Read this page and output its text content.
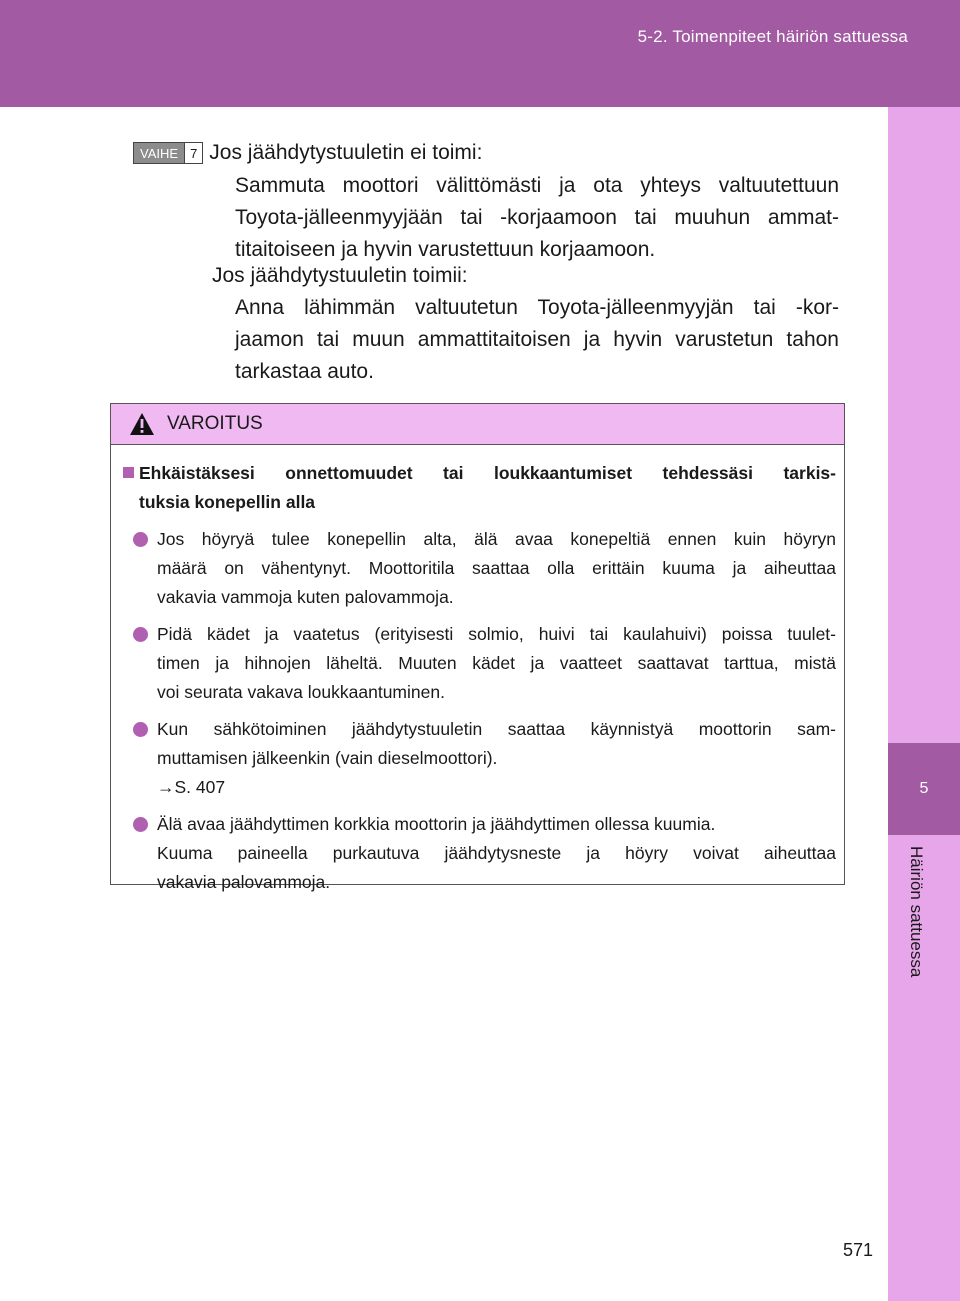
5-2. Toimenpiteet häiriön sattuessa
5
Häiriön sattuessa
VAIHE 7 Jos jäähdytystuuletin ei toimi:
Sammuta moottori välittömästi ja ota yhteys valtuutettuun
Toyota-jälleenmyyjään tai -korjaamoon tai muuhun ammat-
titaitoiseen ja hyvin varustettuun korjaamoon.
Jos jäähdytystuuletin toimii:
Anna lähimmän valtuutetun Toyota-jälleenmyyjän tai -kor-
jaamon tai muun ammattitaitoisen ja hyvin varustetun tahon
tarkastaa auto.
VAROITUS
Ehkäistäksesi onnettomuudet tai loukkaantumiset tehdessäsi tarkis-
tuksia konepellin alla
Jos höyryä tulee konepellin alta, älä avaa konepeltiä ennen kuin höyryn
määrä on vähentynyt. Moottoritila saattaa olla erittäin kuuma ja aiheuttaa
vakavia vammoja kuten palovammoja.
Pidä kädet ja vaatetus (erityisesti solmio, huivi tai kaulahuivi) poissa tuulet-
timen ja hihnojen läheltä. Muuten kädet ja vaatteet saattavat tarttua, mistä
voi seurata vakava loukkaantuminen.
Kun sähkötoiminen jäähdytystuuletin saattaa käynnistyä moottorin sam-
muttamisen jälkeenkin (vain dieselmoottori).
→S. 407
Älä avaa jäähdyttimen korkkia moottorin ja jäähdyttimen ollessa kuumia.
Kuuma paineella purkautuva jäähdytysneste ja höyry voivat aiheuttaa
vakavia palovammoja.
571
